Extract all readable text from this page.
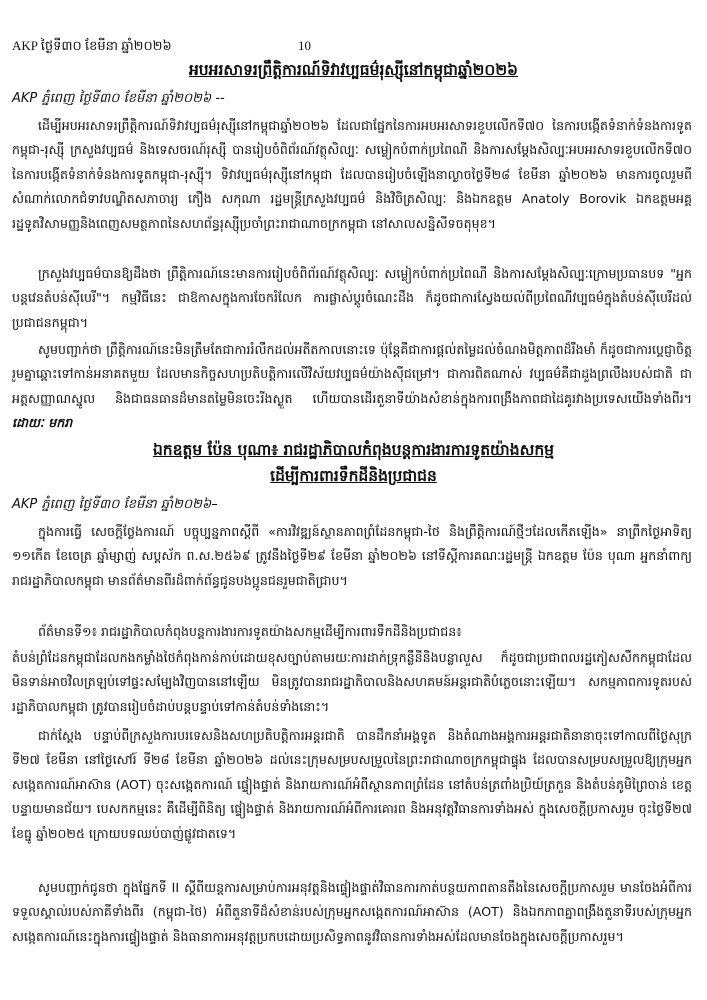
AKP ថ្ងៃទី៣០ ខែមីនា ឆ្នាំ២០២៦	10
អបអរសាទរព្រឹត្តិការណ៍ទិវាវប្បធម៌រុស្ស៊ីនៅកម្ពុជាឆ្នាំ២០២៦
AKP ភ្នំពេញ ថ្ងៃទី៣០ ខែមីនា ឆ្នាំ២០២៦ --
ដើម្បីអបអរសាទរព្រឹត្តិការណ៍ទិវាវប្បធម៌រុស្ស៊ីនៅកម្ពុជាឆ្នាំ២០២៦ ដែលជាផ្នែកនៃការអបអរសាទរខួបលើកទី៧០ នៃការបង្កើតទំនាក់ទំនងការទូតកម្ពុជា-រុស្ស៊ី ក្រសួងវប្បធម៌ និងទេសចរណ៍រុស្ស៊ី បានរៀបចំពិព័រណ៍វត្ថុសិល្បៈ សម្លៀកបំពាក់ប្រពៃណី និងការសម្តែងសិល្បៈអបអរសាទរខួបលើកទី៧០ នៃការបង្កើតទំនាក់ទំនងការទូតកម្ពុជា-រុស្ស៊ី។ ទិវាវប្បធម៌រុស្ស៊ីនៅកម្ពុជា ដែលបានរៀបចំឡើងនាល្ងាចថ្ងៃទី២៨ ខែមីនា ឆ្នាំ២០២៦ មានការចូលរួមពីសំណាក់លោកជំទាវបណ្ឌិតសភាចារ្យ ភឿង សកុណា រដ្ឋមន្ត្រីក្រសួងវប្បធម៌ និងវិចិត្រសិល្បៈ និងឯកឧត្តម Anatoly Borovik ឯកឧត្តមអគ្គរដ្ឋទូតវិសាមញ្ញនិងពេញសមត្ថភាពនៃសហព័ន្ធរុស្ស៊ីប្រចាំព្រះរាជាណាចក្រកម្ពុជា នៅសាលសន្និសីទចតុមុខ។
ក្រសួងវប្បធម៌បានឱ្យដឹងថា ព្រឹត្តិការណ៍នេះមានការរៀបចំពិព័រណ៍វត្ថុសិល្បៈ សម្លៀកបំពាក់ប្រពៃណី និងការសម្តែងសិល្បៈក្រោមប្រធានបទ "អ្នកបន្តវេនតំបន់ស៊ីបេរី"។ កម្មវិធីនេះ ជាឱកាសក្នុងការចែករំលែក ការផ្លាស់ប្តូរចំណេះដឹង ក៏ដូចជាការស្វែងយល់ពីប្រពៃណីវប្បធម៌ក្នុងតំបន់ស៊ីបេរីដល់ប្រជាជនកម្ពុជា។
សូមបញ្ជាក់ថា ព្រឹត្តិការណ៍នេះមិនត្រឹមតែជាការរំលឹកដល់អតីតកាលនោះទេ ប៉ុន្តែគឺជាការផ្តល់តម្លៃដល់ចំណងមិត្តភាពដ៏រឹងមាំ ក៏ដូចជាការប្តេជ្ញាចិត្តរួមគ្នាឆ្ពោះទៅកាន់អនាគតមួយ ដែលមានកិច្ចសហប្រតិបត្តិការលើវិស័យវប្បធម៌យ៉ាងស៊ីជម្រៅ។ ជាការពិតណាស់ វប្បធម៌គឺជាដួងព្រលឹងរបស់ជាតិ ជាអត្តសញ្ញាណស្នូល និងជាធនធានដ៏មានតម្លៃមិនចេះរីងស្ងួត ហើយបានដើរតួនាទីយ៉ាងសំខាន់ក្នុងការពង្រឹងភាពជាដៃគូរវាងប្រទេសយើងទាំងពីរ។ ដោយៈ មករា
ឯកឧត្តម ប៉ែន បុណា៖ រាជរដ្ឋាភិបាលកំពុងបន្តការងារការទូតយ៉ាងសកម្ម
ដើម្បីការពារទឹកដីនិងប្រជាជន
AKP ភ្នំពេញ ថ្ងៃទី៣០ ខែមីនា ឆ្នាំ២០២៦–
ក្នុងការធ្វើ សេចក្តីថ្លែងការណ៍ បច្ចុប្បន្នភាពស្តីពី «ការវិវឌ្ឍន៍ស្ថានភាពព្រំដែនកម្ពុជា-ថៃ និងព្រឹត្តិការណ៍ថ្មីៗដែលកើតឡើង» នាព្រឹកថ្ងៃអាទិត្យ ១១កើត ខែចេត្រ ឆ្នាំម្សាញ់ សប្តស័ក ព.ស.២៥៦៩ ត្រូវនឹងថ្ងៃទី២៩ ខែមីនា ឆ្នាំ២០២៦ នៅទីស្តីការគណៈរដ្ឋមន្ត្រី ឯកឧត្តម ប៉ែន បុណា អ្នកនាំពាក្យរាជរដ្ឋាភិបាលកម្ពុជា មានព័ត៌មានពីរដ៏ពាក់ព័ន្ធជូនបងប្អូនជនរួមជាតិជ្រាប។
ព័ត៌មានទី១៖ រាជរដ្ឋាភិបាលកំពុងបន្តការងារការទូតយ៉ាងសកម្មដើម្បីការពារទឹកដីនិងប្រជាជន៖
តំបន់ព្រំដែនកម្ពុជាដែលកងកម្លាំងថៃកំពុងកាន់កាប់ដោយខុសច្បាប់តាមរយៈការដាក់ទ្រុកន្លឹនីនិងបន្លាលួស ក៏ដូចជាប្រជាពលរដ្ឋភៀសសឹកកម្ពុជាដែលមិនទាន់អាចវិលត្រឡប់ទៅផ្ទះសម្បែងវិញបាននៅឡើយ មិនត្រូវបានរាជរដ្ឋាភិបាលនិងសហគមន៍អន្តរជាតិបំភ្លេចនោះឡើយ។ សកម្មភាពការទូតរបស់រដ្ឋាភិបាលកម្ពុជា ត្រូវបានរៀបចំដាប់បន្តបន្ទាប់ទៅកាន់តំបន់ទាំងនោះ។
ជាក់ស្តែង បន្ទាប់ពីក្រសួងការបរទេសនិងសហប្រតិបត្តិការអន្តរជាតិ បានដឹកនាំអង្គទូត និងតំណាងអង្គការអន្តរជាតិនានាចុះទៅកាលពីថ្ងៃសុក្រ ទី២៧ ខែមីនា នៅថ្ងៃសៅរ៍ ទី២៨ ខែមីនា ឆ្នាំ២០២៦ ដល់នេះក្រុមសម្របសម្រួលនៃព្រះរាជាណាចក្រកម្ពុជាផ្ទុង ដែលបានសម្របសម្រួលឱ្យក្រុមអ្នកសង្កេតការណ៍អាស៊ាន (AOT) ចុះសង្កេតការណ៍ ផ្ទៀងផ្ទាត់ និងរាយការណ៍អំពីស្ថានភាពព្រំដែន នៅតំបន់ត្រពាំងប្រិយ៍ត្រកួន និងតំបន់ភូមិព្រៃចាន់ ខេត្តបន្ទាយមានជ័យ។ បេសកកម្មនេះ គឺដើម្បីពិនិត្យ ផ្ទៀងផ្ទាត់ និងរាយការណ៍អំពីការគោរព និងអនុវត្តវិធានការទាំងអស់ ក្នុងសេចក្តីប្រកាសរួម ចុះថ្ងៃទី២៧ ខែធ្នូ ឆ្នាំ២០២៥ ក្រោយបទឈប់បាញ់ផ្លូវជាតទេ។
សូមបញ្ជាក់ជូនថា ក្នុងផ្នែកទី II ស្តីពីយន្តការសម្រាប់ការអនុវត្តនិងផ្ទៀងផ្ទាត់វិធានការកាត់បន្ថយភាពតានតឹងនៃសេចក្តីប្រកាសរួម មានចែងអំពីការទទួលស្គាល់របស់ភាគីទាំងពីរ (កម្ពុជា-ថៃ) អំពីតួនាទីដ៏សំខាន់របស់ក្រុមអ្នកសង្កេតការណ៍អាស៊ាន (AOT) និងឯកភាពគ្នាពង្រឹងតួនាទីរបស់ក្រុមអ្នកសង្កេតការណ៍នេះក្នុងការផ្ទៀងផ្ទាត់ និងធានាការអនុវត្តប្រកបដោយប្រសិទ្ធភាពនូវវិធានការទាំងអស់ដែលមានចែងក្នុងសេចក្តីប្រកាសរួម។
